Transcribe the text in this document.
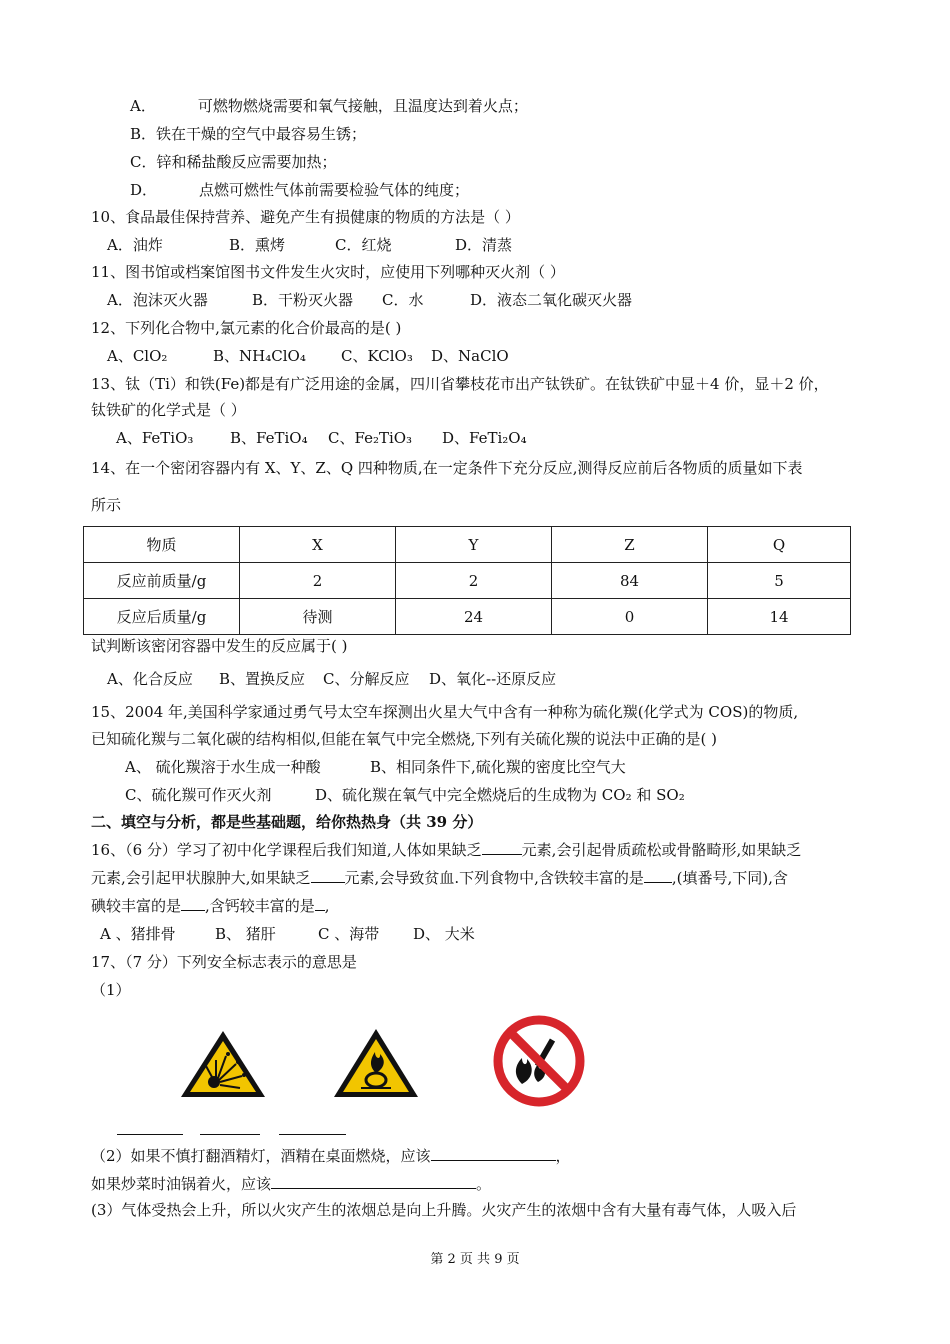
A．	可燃物燃烧需要和氧气接触，且温度达到着火点；
B．铁在干燥的空气中最容易生锈；
C．锌和稀盐酸反应需要加热；
D．	点燃可燃性气体前需要检验气体的纯度；
10、食品最佳保持营养、避免产生有损健康的物质的方法是（ ）
A．油炸	B．熏烤	C．红烧	D．清蒸
11、图书馆或档案馆图书文件发生火灾时，应使用下列哪种灭火剂（ ）
A．泡沫灭火器	B．干粉灭火器 C．水	D．液态二氧化碳灭火器
12、下列化合物中,氯元素的化合价最高的是( )
A、ClO₂	B、NH₄ClO₄ C、KClO₃ D、NaClO
13、钛（Ti）和铁(Fe)都是有广泛用途的金属，四川省攀枝花市出产钛铁矿。在钛铁矿中显＋4 价，显＋2 价，
钛铁矿的化学式是（ ）
A、FeTiO₃ B、FeTiO₄ C、Fe₂TiO₃ D、FeTi₂O₄
14、在一个密闭容器内有 X、Y、Z、Q 四种物质,在一定条件下充分反应,测得反应前后各物质的质量如下表
所示
物质	X	Y	Z	Q
反应前质量/g	2	2	84	5
反应后质量/g	待测	24	0	14
试判断该密闭容器中发生的反应属于( )
A、化合反应 B、置换反应 C、分解反应 D、氧化--还原反应
15、2004 年,美国科学家通过勇气号太空车探测出火星大气中含有一种称为硫化羰(化学式为 COS)的物质,
已知硫化羰与二氧化碳的结构相似,但能在氧气中完全燃烧,下列有关硫化羰的说法中正确的是( )
A、 硫化羰溶于水生成一种酸	B、相同条件下,硫化羰的密度比空气大
C、硫化羰可作灭火剂	D、硫化羰在氧气中完全燃烧后的生成物为 CO₂ 和 SO₂
二、填空与分析，都是些基础题，给你热热身（共 39 分）
16、（6 分）学习了初中化学课程后我们知道,人体如果缺乏	元素,会引起骨质疏松或骨骼畸形,如果缺乏
元素,会引起甲状腺肿大,如果缺乏 元素,会导致贫血.下列食物中,含铁较丰富的是 ,(填番号,下同),含
碘较丰富的是 ,含钙较丰富的是 ,
A 、猪排骨	B、 猪肝	C 、海带 D、 大米
17、（7 分）下列安全标志表示的意思是
（1）
（2）如果不慎打翻酒精灯，酒精在桌面燃烧，应该	，
如果炒菜时油锅着火，应该	。
(3）气体受热会上升，所以火灾产生的浓烟总是向上升腾。火灾产生的浓烟中含有大量有毒气体，人吸入后
第 2 页 共 9 页
